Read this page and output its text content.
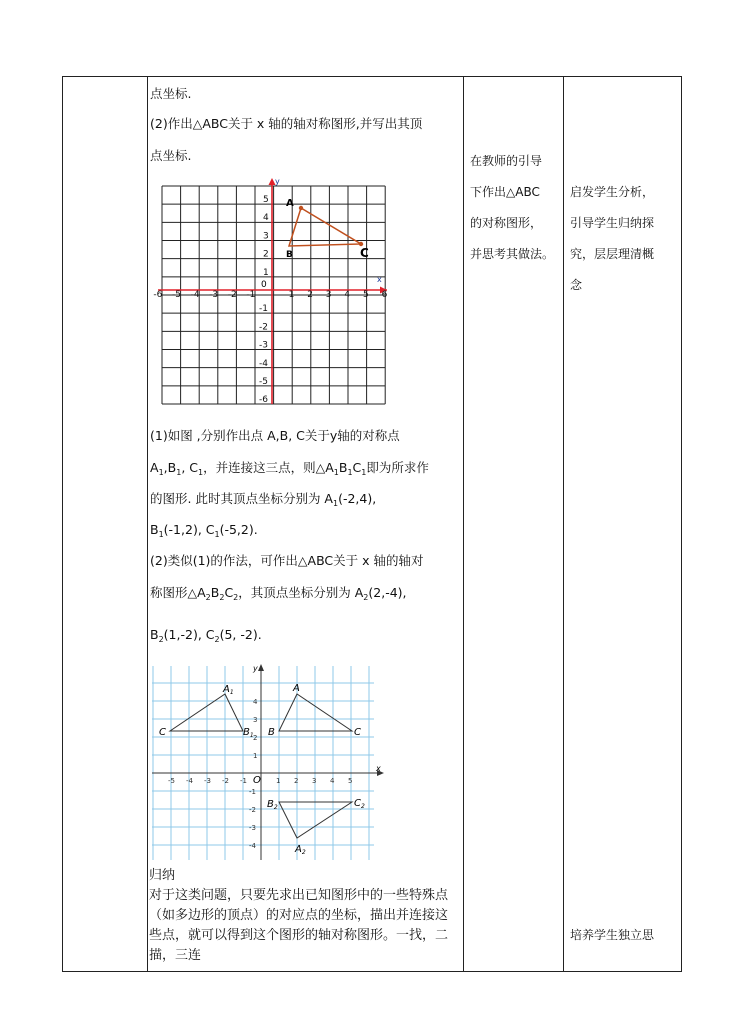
点坐标.
(2)作出△ABC关于 x 轴的轴对称图形,并写出其顶
点坐标.
x
y
0
-6 -5 -4 -3 -2 -1	1 2 3 4 5 6
5
4
3
2
1
-1
-2
-3
-4
-5
-6
A
B	C
(1)如图 ,分别作出点 A,B, C关于y轴的对称点
$A_1,B_1$, $C_1$，并连接这三点，则$\triangle A_1B_1C_1$即为所求作
的图形. 此时其顶点坐标分别为 $A_1(-2,4)$,
$B_1(-1,2)$, $C_1(-5,2)$.
(2)类似(1)的作法，可作出△ABC关于 x 轴的轴对
称图形$\triangle A_2B_2C_2$，其顶点坐标分别为 $A_2(2,-4)$,
$B_2(1,-2)$, $C_2(5$, -2).
x
y
O
-5 -4 -3 -2 -1	1 2 3 4 5
4
3
2
1
-1
-2
-3
-4
A
B	C
$A_1$
$B_1$
C
$A_2$
$B_2$	$C_2$
归纳
对于这类问题，只要先求出已知图形中的一些特殊点（如多边形的顶点）的对应点的坐标，描出并连接这些点，就可以得到这个图形的轴对称图形。一找，二描，三连
在教师的引导
下作出△ABC
的对称图形，
并思考其做法。
启发学生分析，
引导学生归纳探
究，层层理清概
念
培养学生独立思
